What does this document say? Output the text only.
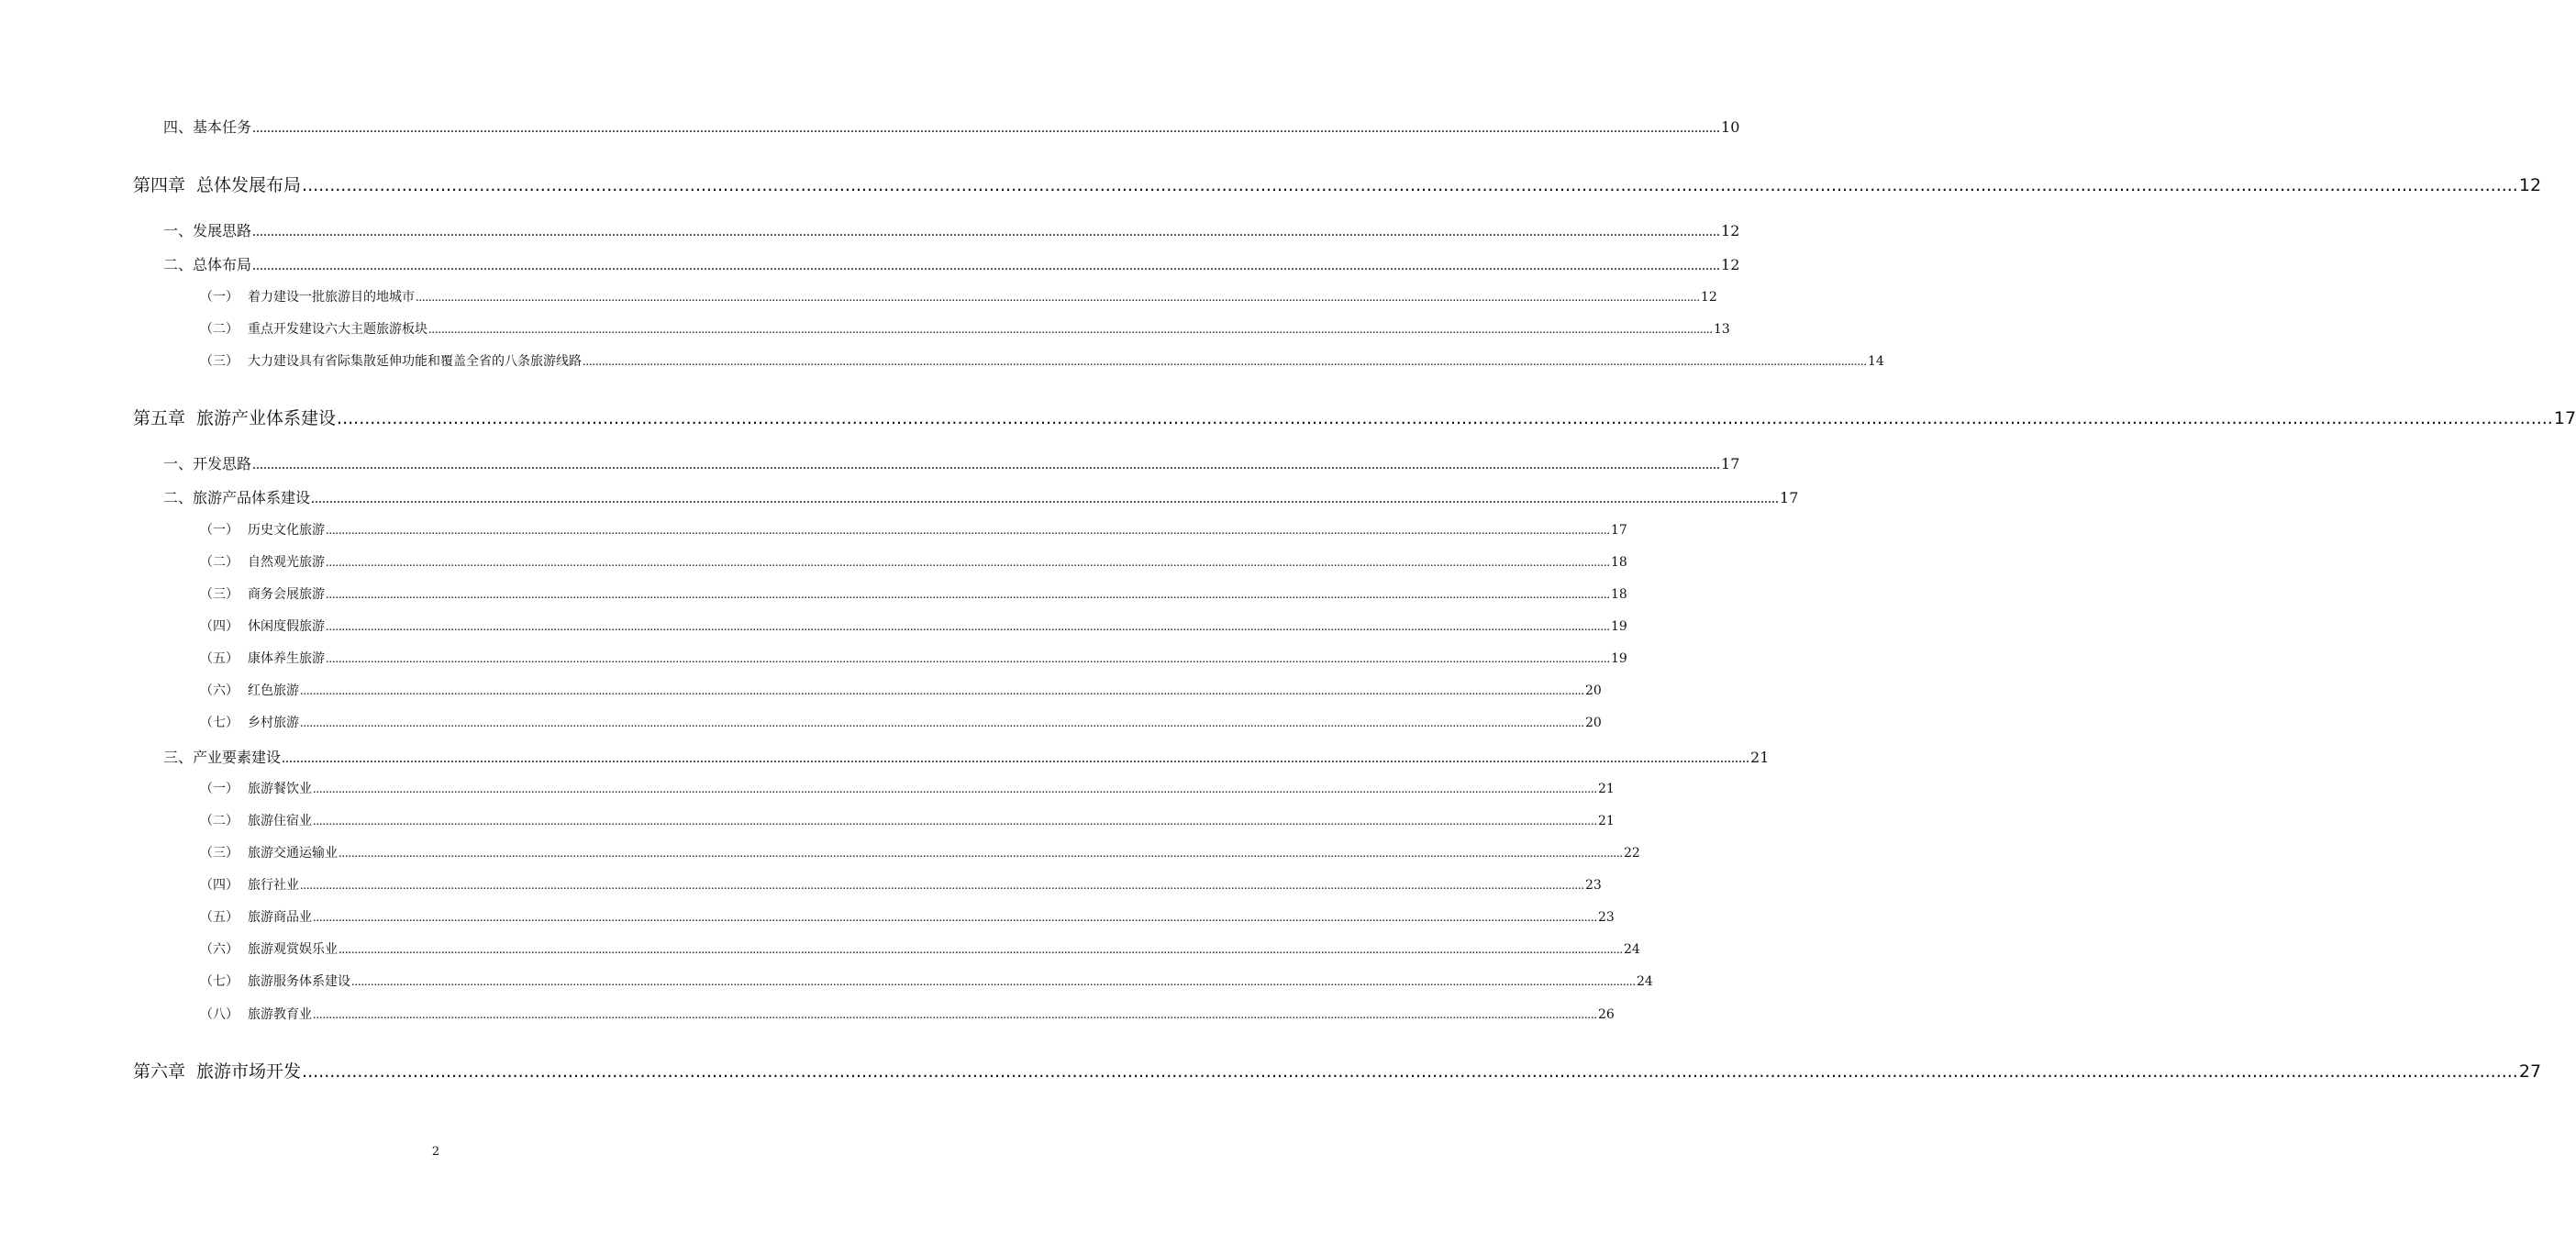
四、基本任务 ................................................................................................................................................................................................................................................................................................................................................................................................................ 10
第四章 总体发展布局 ................................................................................................................................................................................................................................................................................................................................................................................................................ 12
一、发展思路 ................................................................................................................................................................................................................................................................................................................................................................................................................ 12
二、总体布局 ................................................................................................................................................................................................................................................................................................................................................................................................................ 12
（一） 着力建设一批旅游目的地城市 ................................................................................................................................................................................................................................................................................................................................................................................................................ 12
（二） 重点开发建设六大主题旅游板块 ................................................................................................................................................................................................................................................................................................................................................................................................................ 13
（三） 大力建设具有省际集散延伸功能和覆盖全省的八条旅游线路 ................................................................................................................................................................................................................................................................................................................................................................................................................ 14
第五章 旅游产业体系建设 ................................................................................................................................................................................................................................................................................................................................................................................................................ 17
一、开发思路 ................................................................................................................................................................................................................................................................................................................................................................................................................ 17
二、旅游产品体系建设 ................................................................................................................................................................................................................................................................................................................................................................................................................ 17
（一） 历史文化旅游 ................................................................................................................................................................................................................................................................................................................................................................................................................ 17
（二） 自然观光旅游 ................................................................................................................................................................................................................................................................................................................................................................................................................ 18
（三） 商务会展旅游 ................................................................................................................................................................................................................................................................................................................................................................................................................ 18
（四） 休闲度假旅游 ................................................................................................................................................................................................................................................................................................................................................................................................................ 19
（五） 康体养生旅游 ................................................................................................................................................................................................................................................................................................................................................................................................................ 19
（六） 红色旅游 ................................................................................................................................................................................................................................................................................................................................................................................................................ 20
（七） 乡村旅游 ................................................................................................................................................................................................................................................................................................................................................................................................................ 20
三、产业要素建设 ................................................................................................................................................................................................................................................................................................................................................................................................................ 21
（一） 旅游餐饮业 ................................................................................................................................................................................................................................................................................................................................................................................................................ 21
（二） 旅游住宿业 ................................................................................................................................................................................................................................................................................................................................................................................................................ 21
（三） 旅游交通运输业 ................................................................................................................................................................................................................................................................................................................................................................................................................ 22
（四） 旅行社业 ................................................................................................................................................................................................................................................................................................................................................................................................................ 23
（五） 旅游商品业 ................................................................................................................................................................................................................................................................................................................................................................................................................ 23
（六） 旅游观赏娱乐业 ................................................................................................................................................................................................................................................................................................................................................................................................................ 24
（七） 旅游服务体系建设 ................................................................................................................................................................................................................................................................................................................................................................................................................ 24
（八） 旅游教育业 ................................................................................................................................................................................................................................................................................................................................................................................................................ 26
第六章 旅游市场开发 ................................................................................................................................................................................................................................................................................................................................................................................................................ 27
2
